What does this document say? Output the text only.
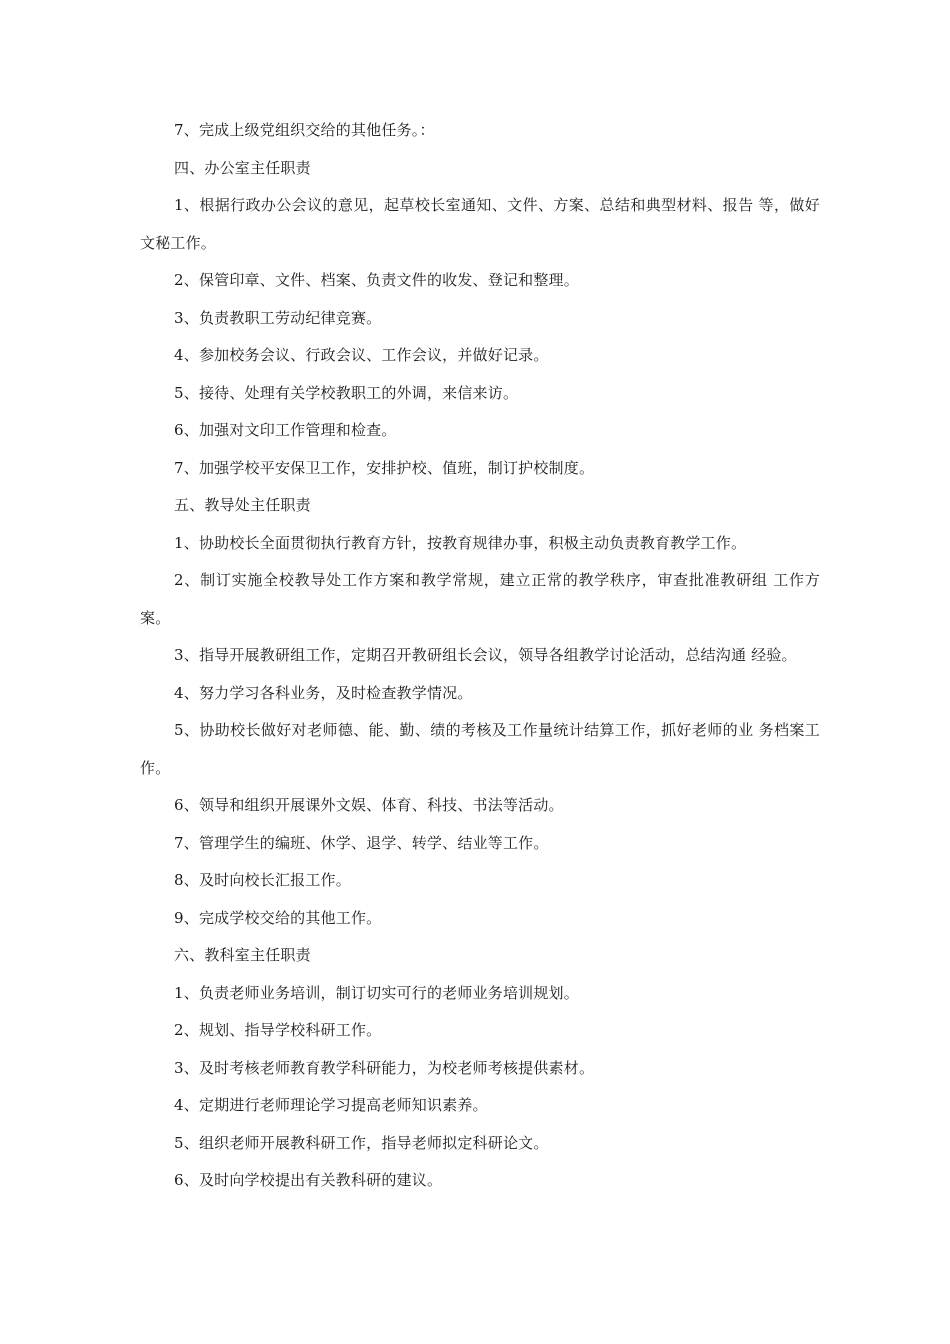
7、完成上级党组织交给的其他任务。：

四、办公室主任职责

1、根据行政办公会议的意见，起草校长室通知、文件、方案、总结和典型材料、报告 等，做好文秘工作。

2、保管印章、文件、档案、负责文件的收发、登记和整理。

3、负责教职工劳动纪律竞赛。

4、参加校务会议、行政会议、工作会议，并做好记录。

5、接待、处理有关学校教职工的外调，来信来访。

6、加强对文印工作管理和检查。

7、加强学校平安保卫工作，安排护校、值班，制订护校制度。

五、教导处主任职责

1、协助校长全面贯彻执行教育方针，按教育规律办事，积极主动负责教育教学工作。

2、制订实施全校教导处工作方案和教学常规，建立正常的教学秩序，审查批准教研组 工作方案。

3、指导开展教研组工作，定期召开教研组长会议，领导各组教学讨论活动，总结沟通 经验。

4、努力学习各科业务，及时检查教学情况。

5、协助校长做好对老师德、能、勤、绩的考核及工作量统计结算工作，抓好老师的业 务档案工作。

6、领导和组织开展课外文娱、体育、科技、书法等活动。

7、管理学生的编班、休学、退学、转学、结业等工作。

8、及时向校长汇报工作。

9、完成学校交给的其他工作。

六、教科室主任职责

1、负责老师业务培训，制订切实可行的老师业务培训规划。

2、规划、指导学校科研工作。

3、及时考核老师教育教学科研能力，为校老师考核提供素材。

4、定期进行老师理论学习提高老师知识素养。

5、组织老师开展教科研工作，指导老师拟定科研论文。

6、及时向学校提出有关教科研的建议。
